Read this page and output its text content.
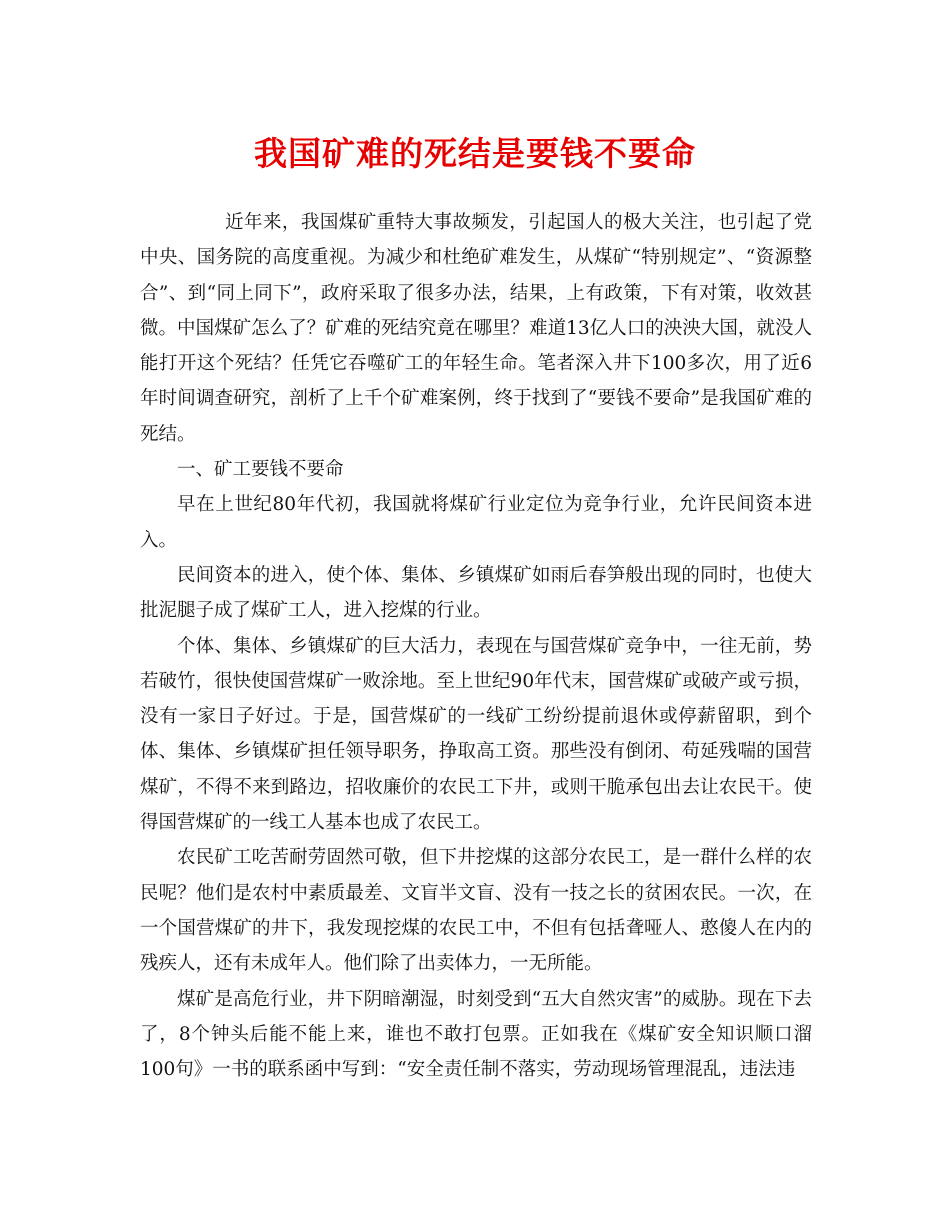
我国矿难的死结是要钱不要命

近年来，我国煤矿重特大事故频发，引起国人的极大关注，也引起了党中央、国务院的高度重视。为减少和杜绝矿难发生，从煤矿“特别规定”、“资源整合”、到“同上同下”，政府采取了很多办法，结果，上有政策，下有对策，收效甚微。中国煤矿怎么了？矿难的死结究竟在哪里？难道13亿人口的泱泱大国，就没人能打开这个死结？任凭它吞噬矿工的年轻生命。笔者深入井下100多次，用了近6年时间调查研究，剖析了上千个矿难案例，终于找到了“要钱不要命”是我国矿难的死结。

一、矿工要钱不要命

早在上世纪80年代初，我国就将煤矿行业定位为竞争行业，允许民间资本进入。

民间资本的进入，使个体、集体、乡镇煤矿如雨后春笋般出现的同时，也使大批泥腿子成了煤矿工人，进入挖煤的行业。

个体、集体、乡镇煤矿的巨大活力，表现在与国营煤矿竞争中，一往无前，势若破竹，很快使国营煤矿一败涂地。至上世纪90年代末，国营煤矿或破产或亏损，没有一家日子好过。于是，国营煤矿的一线矿工纷纷提前退休或停薪留职，到个体、集体、乡镇煤矿担任领导职务，挣取高工资。那些没有倒闭、苟延残喘的国营煤矿，不得不来到路边，招收廉价的农民工下井，或则干脆承包出去让农民干。使得国营煤矿的一线工人基本也成了农民工。

农民矿工吃苦耐劳固然可敬，但下井挖煤的这部分农民工，是一群什么样的农民呢？他们是农村中素质最差、文盲半文盲、没有一技之长的贫困农民。一次，在一个国营煤矿的井下，我发现挖煤的农民工中，不但有包括聋哑人、憨傻人在内的残疾人，还有未成年人。他们除了出卖体力，一无所能。

煤矿是高危行业，井下阴暗潮湿，时刻受到“五大自然灾害”的威胁。现在下去了，8个钟头后能不能上来，谁也不敢打包票。正如我在《煤矿安全知识顺口溜100句》一书的联系函中写到：“安全责任制不落实，劳动现场管理混乱，违法违
